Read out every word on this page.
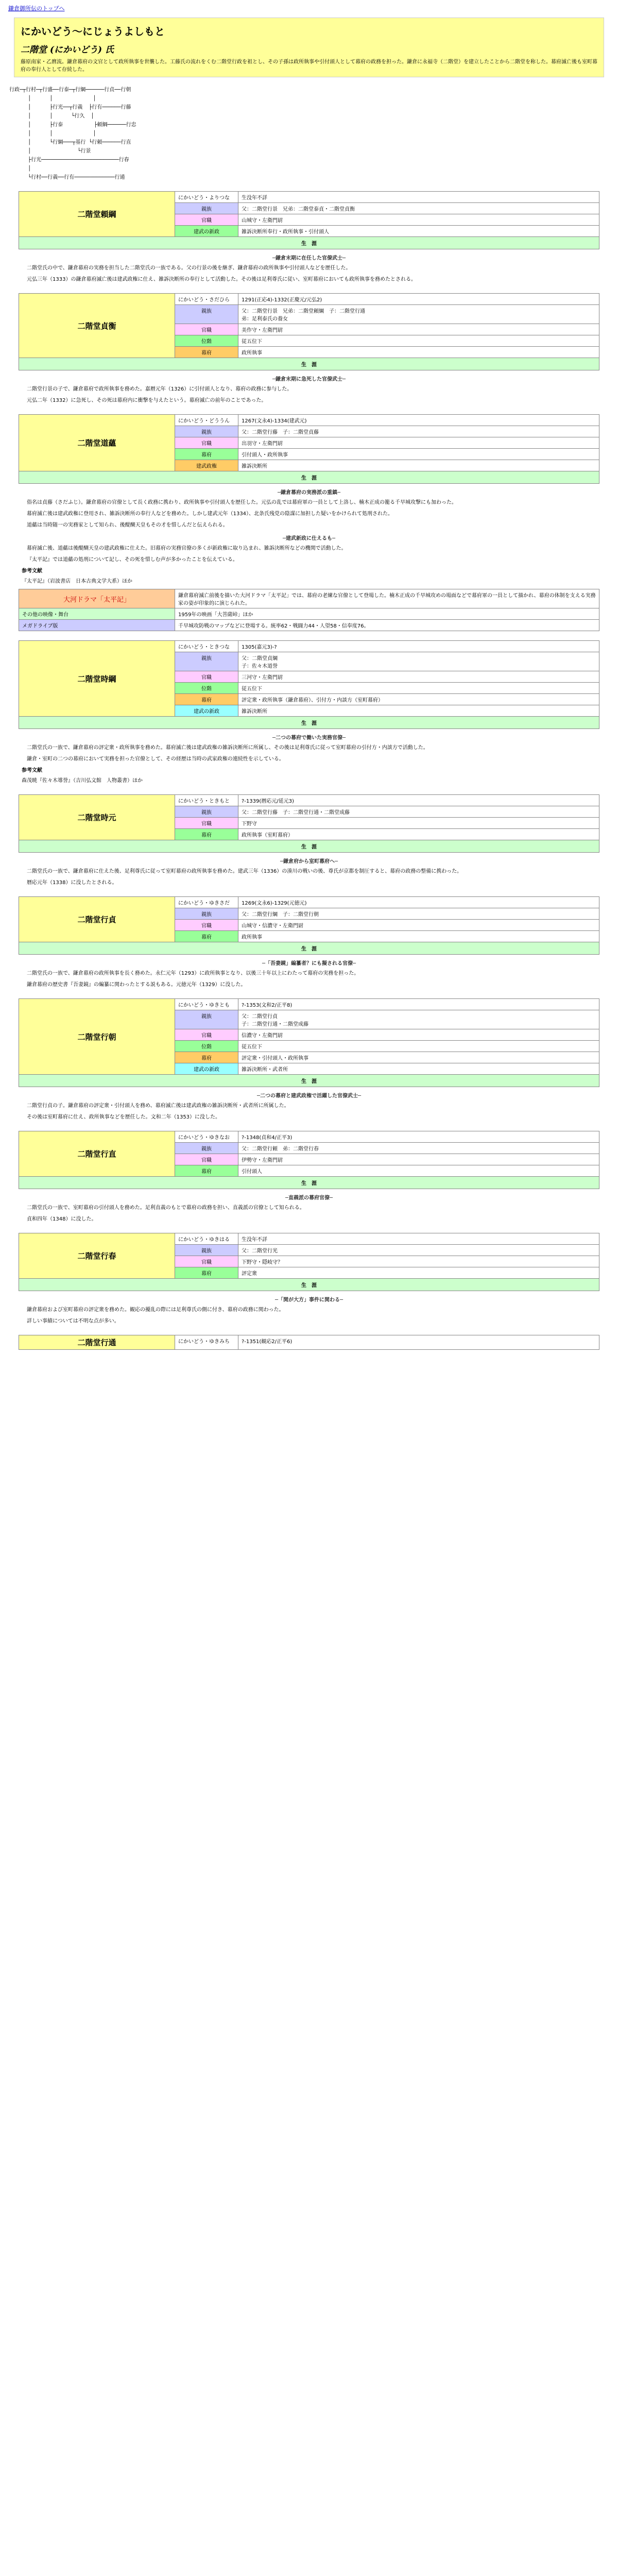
鎌倉御所伝のトップへ
にかいどう〜にじょうよしもと
二階堂 (にかいどう) 氏

藤原南家・乙麿流。鎌倉幕府の文官として政所執事を世襲した。工藤氏の流れをくむ二階堂行政を祖とし、その子孫は政所執事や引付頭人として幕府の政務を担った。鎌倉に永福寺（二階堂）を建立したことから二階堂を称した。幕府滅亡後も室町幕府の奉行人として存続した。

行政─┬行村─┬行盛──行泰─┬行綱──────行貞──行朝
│      │             │
│      ├行光──┬行義  ├行有──────行藤
│      │      └行久  │
│      ├行泰          ├頼綱──────行忠
│      │             │
│      └行綱───┬基行 └行頼──────行直
│               └行景
├行光─────────────────────────行春
│
└行村──行義──行有─────────────行通
二階堂頼綱	にかいどう・よりつな	生没年不詳
	親族	父：二階堂行景　兄弟：二階堂泰貞・二階堂貞衡
	官職	山城守・左衛門尉
	建武の新政	雑訴決断所奉行・政所執事・引付頭人
生　涯
─鎌倉末期に在任した官僚武士─

二階堂氏の中で、鎌倉幕府の実務を担当した二階堂氏の一族である。父の行景の後を継ぎ、鎌倉幕府の政所執事や引付頭人などを歴任した。

元弘三年（1333）の鎌倉幕府滅亡後は建武政権に仕え、雑訴決断所の奉行として活動した。その後は足利尊氏に従い、室町幕府においても政所執事を務めたとされる。

二階堂貞衡	にかいどう・さだひら	1291(正応4)-1332(正慶元/元弘2)
	親族	父：二階堂行景　兄弟：二階堂頼綱　子：二階堂行通
弟：足利泰氏の養女
	官職	美作守・左衛門尉
	位階	従五位下
	幕府	政所執事
生　涯
─鎌倉末期に急死した官僚武士─

二階堂行景の子で、鎌倉幕府で政所執事を務めた。嘉暦元年（1326）に引付頭人となり、幕府の政務に参与した。

元弘二年（1332）に急死し、その死は幕府内に衝撃を与えたという。幕府滅亡の前年のことであった。

二階堂道蘊	にかいどう・どううん	1267(文永4)-1334(建武元)
	親族	父：二階堂行藤　子：二階堂貞藤
	官職	出羽守・左衛門尉
	幕府	引付頭人・政所執事
	建武政権	雑訴決断所
生　涯
─鎌倉幕府の実務派の重鎮─

俗名は貞藤（さだふじ）。鎌倉幕府の官僚として長く政務に携わり、政所執事や引付頭人を歴任した。元弘の乱では幕府軍の一員として上洛し、楠木正成の籠る千早城攻撃にも加わった。

幕府滅亡後は建武政権に登用され、雑訴決断所の奉行人などを務めた。しかし建武元年（1334）、北条氏残党の陰謀に加担した疑いをかけられて処刑された。

道蘊は当時随一の実務家として知られ、後醍醐天皇もその才を惜しんだと伝えられる。

─建武新政に仕えるも─

幕府滅亡後、道蘊は後醍醐天皇の建武政権に仕えた。旧幕府の実務官僚の多くが新政権に取り込まれ、雑訴決断所などの機関で活動した。

『太平記』では道蘊の処刑について記し、その死を惜しむ声が多かったことを伝えている。

参考文献
『太平記』（岩波書店　日本古典文学大系）ほか
大河ドラマ「太平記」	鎌倉幕府滅亡前後を描いた大河ドラマ「太平記」では、幕府の老練な官僚として登場した。楠木正成の千早城攻めの場面などで幕府軍の一員として描かれ、幕府の体制を支える実務家の姿が印象的に演じられた。
その他の映像・舞台	1959年の映画「大菩薩峠」ほか
メガドライブ版	千早城攻防戦のマップなどに登場する。統率62・戦闘力44・人望58・信奉度76。
二階堂時綱	にかいどう・ときつな	1305(嘉元3)-?
	親族	父：二階堂貞綱
子：佐々木道誉
	官職	三河守・左衛門尉
	位階	従五位下
	幕府	評定衆・政所執事（鎌倉幕府）、引付方・内談方（室町幕府）
	建武の新政	雑訴決断所
生　涯
─二つの幕府で働いた実務官僚─

二階堂氏の一族で、鎌倉幕府の評定衆・政所執事を務めた。幕府滅亡後は建武政権の雑訴決断所に所属し、その後は足利尊氏に従って室町幕府の引付方・内談方で活動した。

鎌倉・室町の二つの幕府において実務を担った官僚として、その経歴は当時の武家政権の連続性を示している。

参考文献
森茂暁『佐々木導誉』（吉川弘文館　人物叢書）ほか
二階堂時元	にかいどう・ときもと	?-1339(暦応元/延元3)
	親族	父：二階堂行藤　子：二階堂行通・二階堂成藤
	官職	下野守
	幕府	政所執事（室町幕府）
生　涯
─鎌倉府から室町幕府へ─

二階堂氏の一族で、鎌倉幕府に仕えた後、足利尊氏に従って室町幕府の政所執事を務めた。建武三年（1336）の湊川の戦いの後、尊氏が京都を制圧すると、幕府の政務の整備に携わった。

暦応元年（1338）に没したとされる。

二階堂行貞	にかいどう・ゆきさだ	1269(文永6)-1329(元徳元)
	親族	父：二階堂行綱　子：二階堂行朝
	官職	山城守・信濃守・左衛門尉
	幕府	政所執事
生　涯
─「吾妻鏡」編纂者？にも擬される官僚─

二階堂氏の一族で、鎌倉幕府の政所執事を長く務めた。永仁元年（1293）に政所執事となり、以後三十年以上にわたって幕府の実務を担った。

鎌倉幕府の歴史書『吾妻鏡』の編纂に関わったとする説もある。元徳元年（1329）に没した。

二階堂行朝	にかいどう・ゆきとも	?-1353(文和2/正平8)
	親族	父：二階堂行貞
子：二階堂行通・二階堂成藤
	官職	信濃守・左衛門尉
	位階	従五位下
	幕府	評定衆・引付頭人・政所執事
	建武の新政	雑訴決断所・武者所
生　涯
─二つの幕府と建武政権で活躍した官僚武士─

二階堂行貞の子。鎌倉幕府の評定衆・引付頭人を務め、幕府滅亡後は建武政権の雑訴決断所・武者所に所属した。

その後は室町幕府に仕え、政所執事などを歴任した。文和二年（1353）に没した。

二階堂行直	にかいどう・ゆきなお	?-1348(貞和4/正平3)
	親族	父：二階堂行頼　弟：二階堂行春
	官職	伊勢守・左衛門尉
	幕府	引付頭人
生　涯
─直義派の幕府官僚─

二階堂氏の一族で、室町幕府の引付頭人を務めた。足利直義のもとで幕府の政務を担い、直義派の官僚として知られる。

貞和四年（1348）に没した。

二階堂行春	にかいどう・ゆきはる	生没年不詳
	親族	父：二階堂行光
	官職	下野守・隠岐守？
	幕府	評定衆
生　涯
─「関が大方」事件に関わる─

鎌倉幕府および室町幕府の評定衆を務めた。観応の擾乱の際には足利尊氏の側に付き、幕府の政務に関わった。

詳しい事績については不明な点が多い。

二階堂行通	にかいどう・ゆきみち	?-1351(観応2/正平6)
